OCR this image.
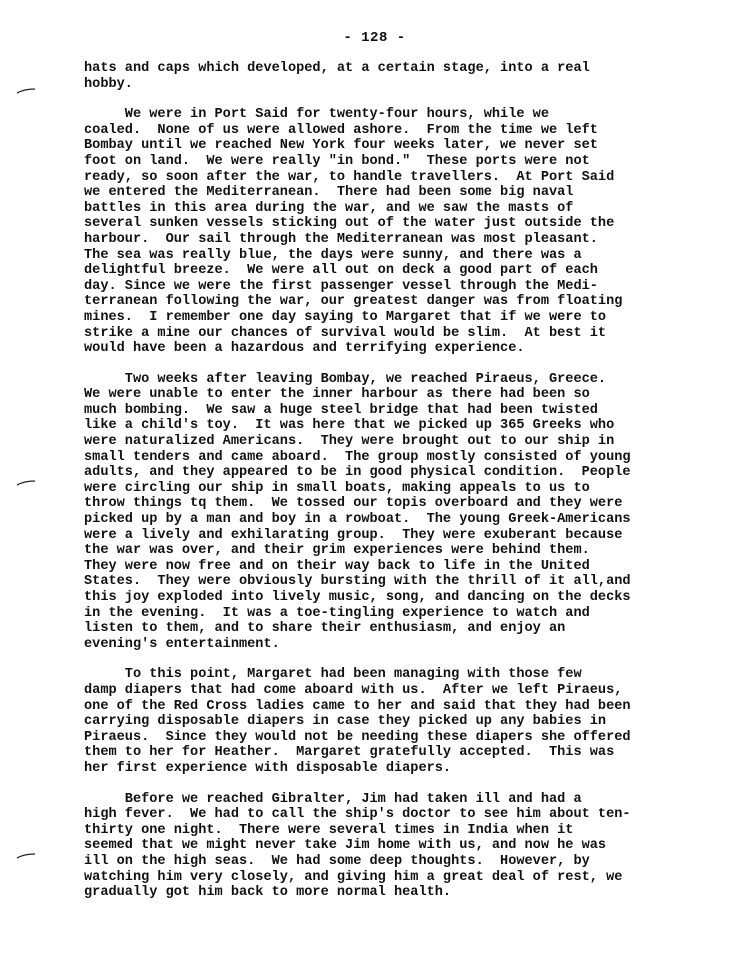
- 128 -
hats and caps which developed, at a certain stage, into a real
hobby.
We were in Port Said for twenty-four hours, while we
coaled.  None of us were allowed ashore.  From the time we left
Bombay until we reached New York four weeks later, we never set
foot on land.  We were really "in bond."  These ports were not
ready, so soon after the war, to handle travellers.  At Port Said
we entered the Mediterranean.  There had been some big naval
battles in this area during the war, and we saw the masts of
several sunken vessels sticking out of the water just outside the
harbour.  Our sail through the Mediterranean was most pleasant.
The sea was really blue, the days were sunny, and there was a
delightful breeze.  We were all out on deck a good part of each
day. Since we were the first passenger vessel through the Medi-
terranean following the war, our greatest danger was from floating
mines.  I remember one day saying to Margaret that if we were to
strike a mine our chances of survival would be slim.  At best it
would have been a hazardous and terrifying experience.
Two weeks after leaving Bombay, we reached Piraeus, Greece.
We were unable to enter the inner harbour as there had been so
much bombing.  We saw a huge steel bridge that had been twisted
like a child's toy.  It was here that we picked up 365 Greeks who
were naturalized Americans.  They were brought out to our ship in
small tenders and came aboard.  The group mostly consisted of young
adults, and they appeared to be in good physical condition.  People
were circling our ship in small boats, making appeals to us to
throw things tq them.  We tossed our topis overboard and they were
picked up by a man and boy in a rowboat.  The young Greek-Americans
were a lively and exhilarating group.  They were exuberant because
the war was over, and their grim experiences were behind them.
They were now free and on their way back to life in the United
States.  They were obviously bursting with the thrill of it all,and
this joy exploded into lively music, song, and dancing on the decks
in the evening.  It was a toe-tingling experience to watch and
listen to them, and to share their enthusiasm, and enjoy an
evening's entertainment.
To this point, Margaret had been managing with those few
damp diapers that had come aboard with us.  After we left Piraeus,
one of the Red Cross ladies came to her and said that they had been
carrying disposable diapers in case they picked up any babies in
Piraeus.  Since they would not be needing these diapers she offered
them to her for Heather.  Margaret gratefully accepted.  This was
her first experience with disposable diapers.
Before we reached Gibralter, Jim had taken ill and had a
high fever.  We had to call the ship's doctor to see him about ten-
thirty one night.  There were several times in India when it
seemed that we might never take Jim home with us, and now he was
ill on the high seas.  We had some deep thoughts.  However, by
watching him very closely, and giving him a great deal of rest, we
gradually got him back to more normal health.
